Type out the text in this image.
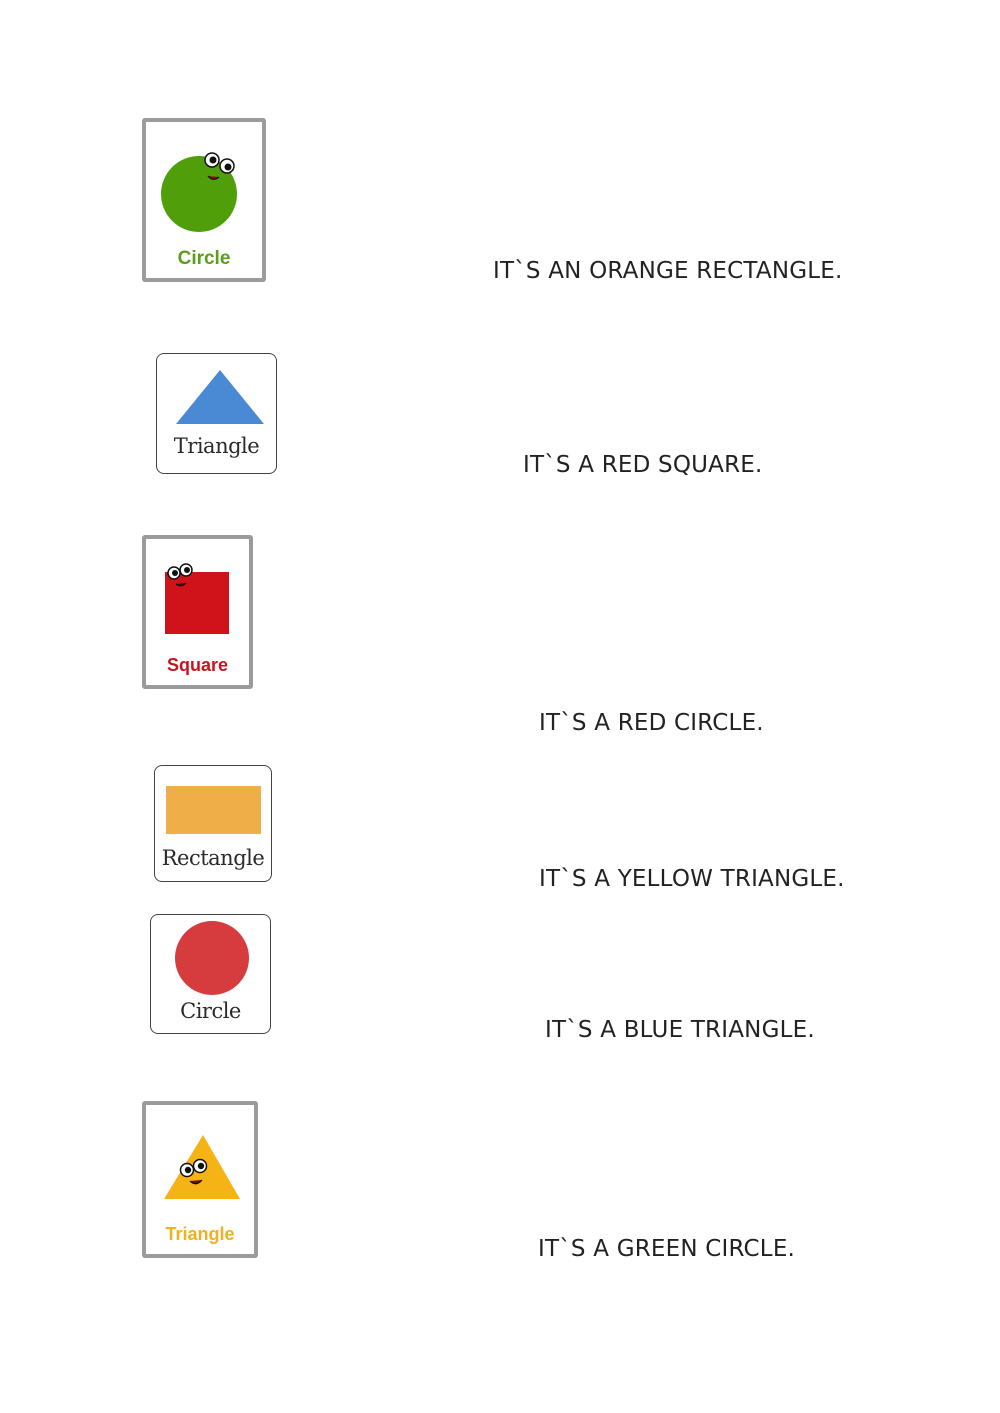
Circle
Triangle
Square
Rectangle
Circle
Triangle
IT`S AN ORANGE RECTANGLE.
IT`S A RED SQUARE.
IT`S A RED CIRCLE.
IT`S A YELLOW TRIANGLE.
IT`S A BLUE TRIANGLE.
IT`S A GREEN CIRCLE.
